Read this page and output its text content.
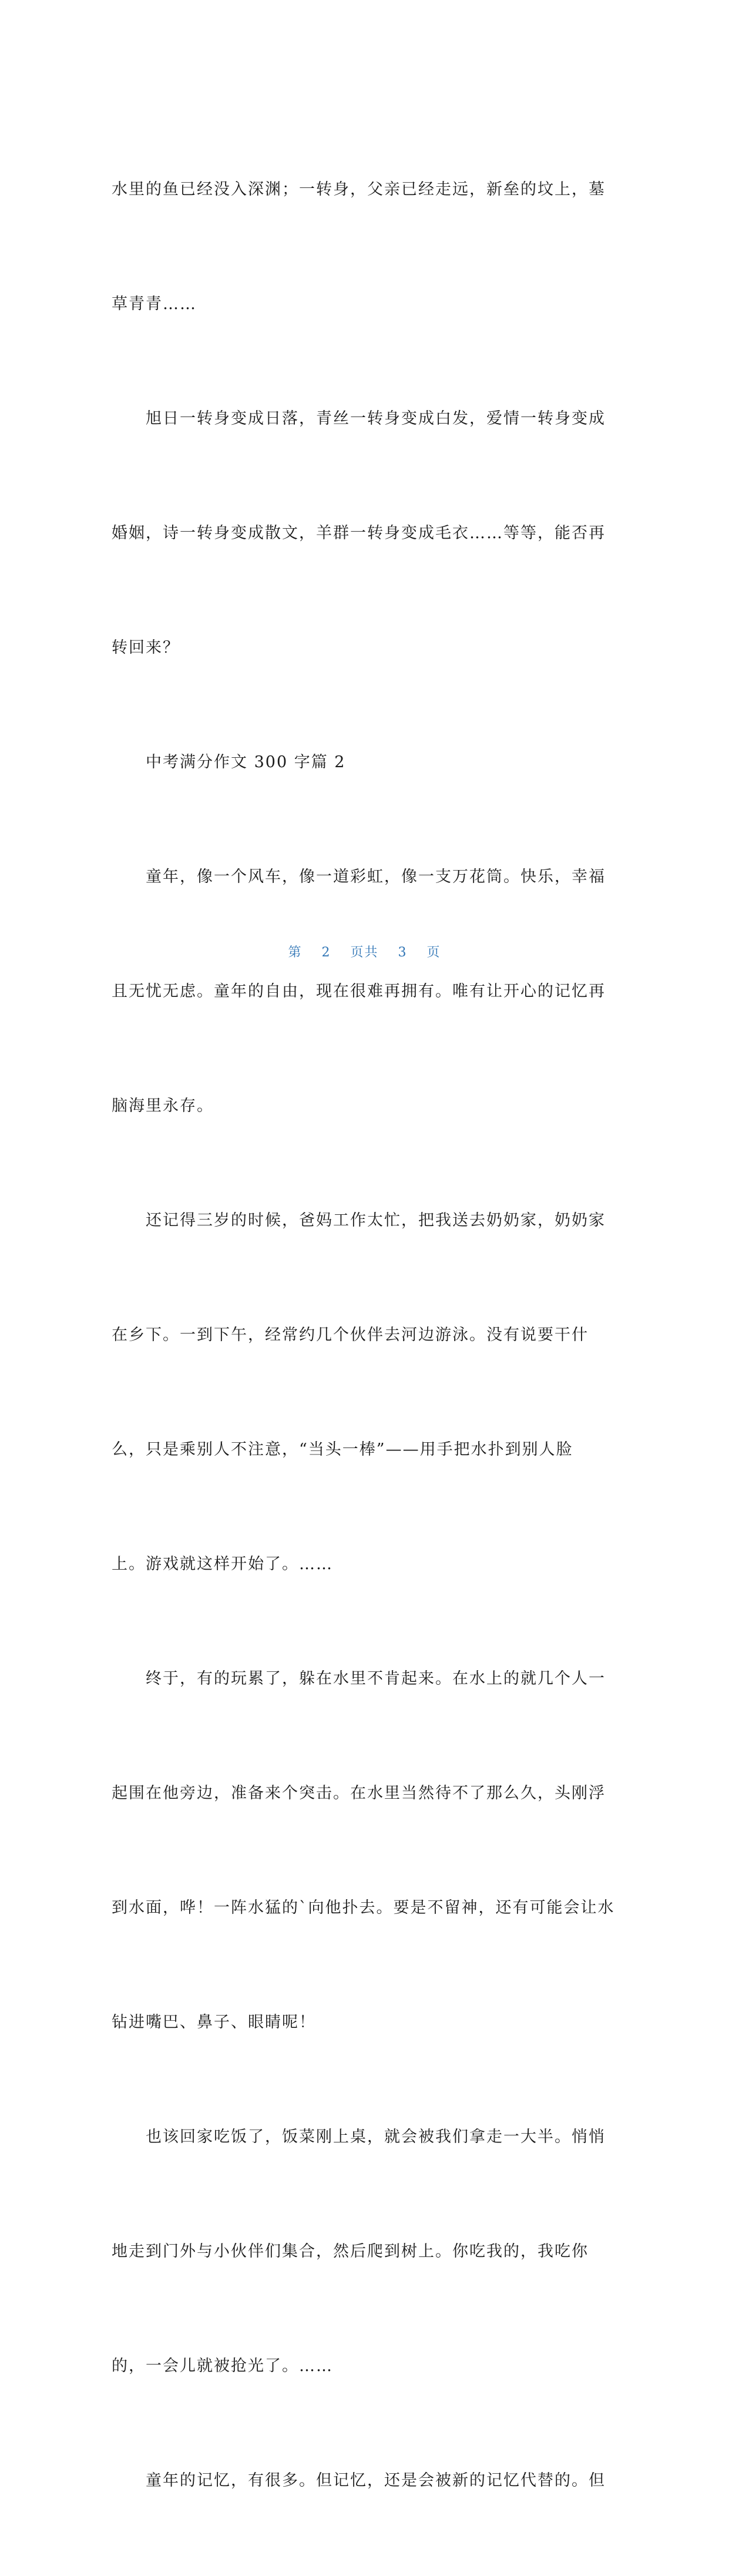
水里的鱼已经没入深渊；一转身，父亲已经走远，新垒的坟上，墓

草青青……

　　旭日一转身变成日落，青丝一转身变成白发，爱情一转身变成

婚姻，诗一转身变成散文，羊群一转身变成毛衣……等等，能否再

转回来？

　　中考满分作文 300 字篇 2

　　童年，像一个风车，像一道彩虹，像一支万花筒。快乐，幸福

且无忧无虑。童年的自由，现在很难再拥有。唯有让开心的记忆再

脑海里永存。

　　还记得三岁的时候，爸妈工作太忙，把我送去奶奶家，奶奶家

在乡下。一到下午，经常约几个伙伴去河边游泳。没有说要干什

么，只是乘别人不注意，“当头一棒”——用手把水扑到别人脸

上。游戏就这样开始了。……

　　终于，有的玩累了，躲在水里不肯起来。在水上的就几个人一

起围在他旁边，准备来个突击。在水里当然待不了那么久，头刚浮

到水面，哗！一阵水猛的`向他扑去。要是不留神，还有可能会让水

钻进嘴巴、鼻子、眼睛呢！

　　也该回家吃饭了，饭菜刚上桌，就会被我们拿走一大半。悄悄

地走到门外与小伙伴们集合，然后爬到树上。你吃我的，我吃你

的，一会儿就被抢光了。……

　　童年的记忆，有很多。但记忆，还是会被新的记忆代替的。但

第 2 页共 3 页
